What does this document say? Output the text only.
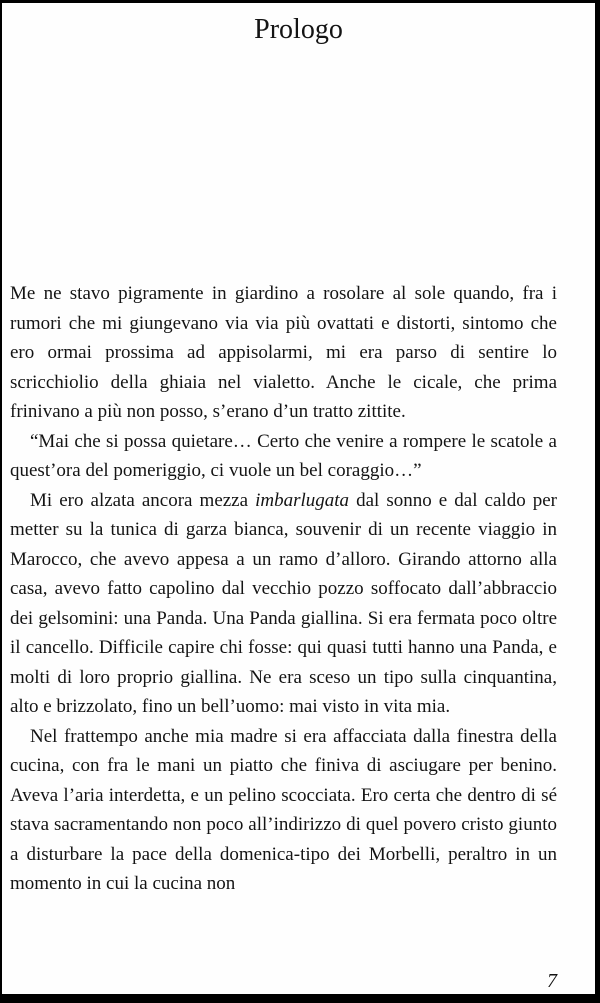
Prologo

Me ne stavo pigramente in giardino a rosolare al sole quando, fra i rumori che mi giungevano via via più ovattati e distorti, sintomo che ero ormai prossima ad appisolarmi, mi era parso di sentire lo scricchiolio della ghiaia nel vialetto. Anche le cicale, che prima frinivano a più non posso, s’erano d’un tratto zittite.

“Mai che si possa quietare… Certo che venire a rompere le scatole a quest’ora del pomeriggio, ci vuole un bel coraggio…”

Mi ero alzata ancora mezza imbarlugata dal sonno e dal caldo per metter su la tunica di garza bianca, souvenir di un recente viaggio in Marocco, che avevo appesa a un ramo d’alloro. Girando attorno alla casa, avevo fatto capolino dal vecchio pozzo soffocato dall’abbraccio dei gelsomini: una Panda. Una Panda giallina. Si era fermata poco oltre il cancello. Difficile capire chi fosse: qui quasi tutti hanno una Panda, e molti di loro proprio giallina. Ne era sceso un tipo sulla cinquantina, alto e brizzolato, fino un bell’uomo: mai visto in vita mia.

Nel frattempo anche mia madre si era affacciata dalla finestra della cucina, con fra le mani un piatto che finiva di asciugare per benino. Aveva l’aria interdetta, e un pelino scocciata. Ero certa che dentro di sé stava sacramentando non poco all’indirizzo di quel povero cristo giunto a disturbare la pace della domenica-tipo dei Morbelli, peraltro in un momento in cui la cucina non

7
